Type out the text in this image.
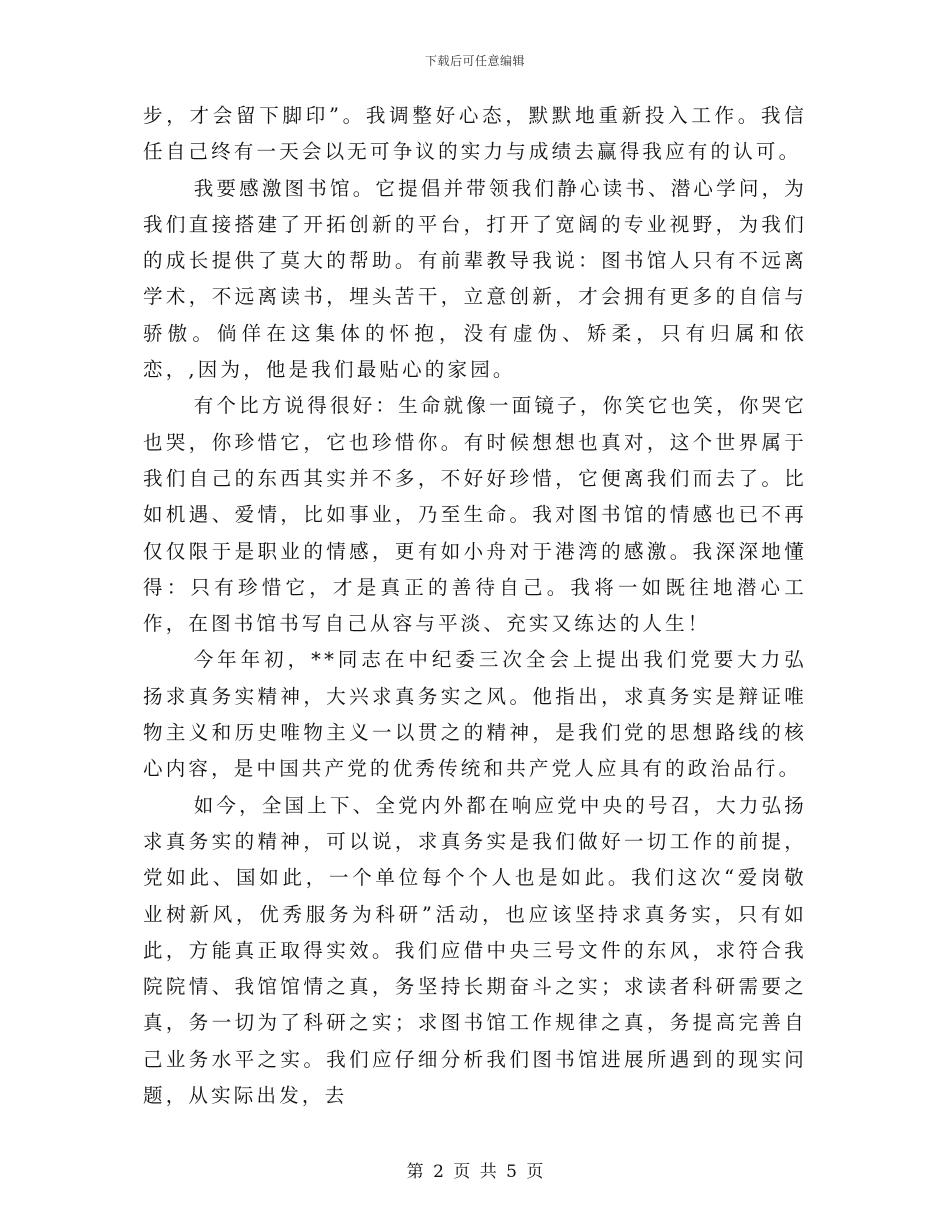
下载后可任意编辑

步，才会留下脚印”。我调整好心态，默默地重新投入工作。我信任自己终有一天会以无可争议的实力与成绩去赢得我应有的认可。

我要感激图书馆。它提倡并带领我们静心读书、潜心学问，为我们直接搭建了开拓创新的平台，打开了宽阔的专业视野，为我们的成长提供了莫大的帮助。有前辈教导我说：图书馆人只有不远离学术，不远离读书，埋头苦干，立意创新，才会拥有更多的自信与骄傲。倘佯在这集体的怀抱，没有虚伪、矫柔，只有归属和依恋，,因为，他是我们最贴心的家园。

有个比方说得很好：生命就像一面镜子，你笑它也笑，你哭它也哭，你珍惜它，它也珍惜你。有时候想想也真对，这个世界属于我们自己的东西其实并不多，不好好珍惜，它便离我们而去了。比如机遇、爱情，比如事业，乃至生命。我对图书馆的情感也已不再仅仅限于是职业的情感，更有如小舟对于港湾的感激。我深深地懂得：只有珍惜它，才是真正的善待自己。我将一如既往地潜心工作，在图书馆书写自己从容与平淡、充实又练达的人生！

今年年初，**同志在中纪委三次全会上提出我们党要大力弘扬求真务实精神，大兴求真务实之风。他指出，求真务实是辩证唯物主义和历史唯物主义一以贯之的精神，是我们党的思想路线的核心内容，是中国共产党的优秀传统和共产党人应具有的政治品行。

如今，全国上下、全党内外都在响应党中央的号召，大力弘扬求真务实的精神，可以说，求真务实是我们做好一切工作的前提，党如此、国如此，一个单位每个个人也是如此。我们这次“爱岗敬业树新风，优秀服务为科研”活动，也应该坚持求真务实，只有如此，方能真正取得实效。我们应借中央三号文件的东风，求符合我院院情、我馆馆情之真，务坚持长期奋斗之实；求读者科研需要之真，务一切为了科研之实；求图书馆工作规律之真，务提高完善自己业务水平之实。我们应仔细分析我们图书馆进展所遇到的现实问题，从实际出发，去

第 2 页 共 5 页
